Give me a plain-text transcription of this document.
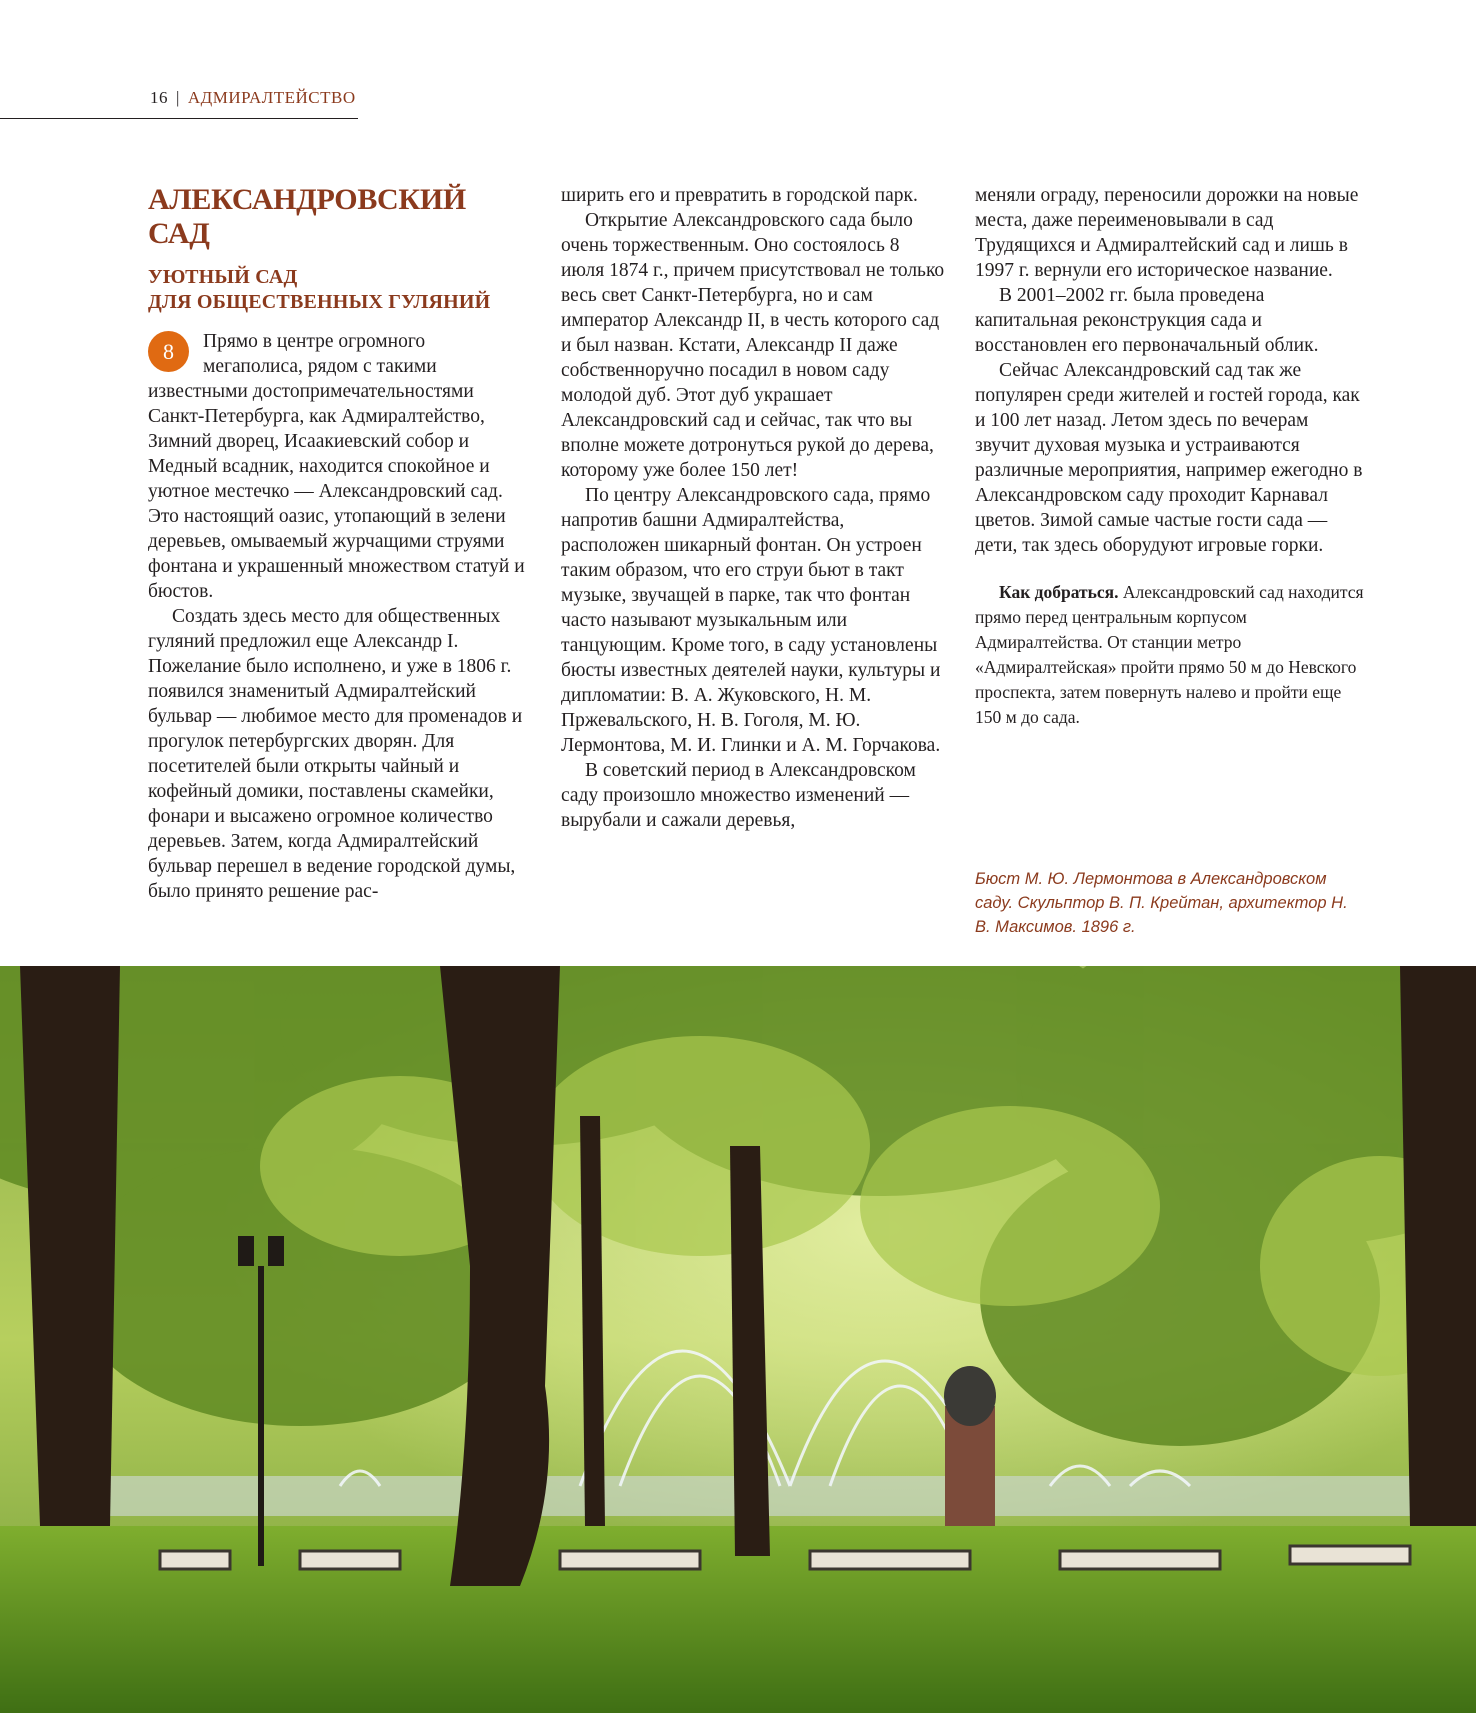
16 | АДМИРАЛТЕЙСТВО
АЛЕКСАНДРОВСКИЙ САД
УЮТНЫЙ САД
ДЛЯ ОБЩЕСТВЕННЫХ ГУЛЯНИЙ

8	Прямо в центре огромного мегаполиса, рядом с такими известными достопримечательностями Санкт-Петербурга, как Адмиралтейство, Зимний дворец, Исаакиевский собор и Медный всадник, находится спокойное и уютное местечко — Александровский сад. Это настоящий оазис, утопающий в зелени деревьев, омываемый журчащими струями фонтана и украшенный множеством статуй и бюстов.

Создать здесь место для общественных гуляний предложил еще Александр I. Пожелание было исполнено, и уже в 1806 г. появился знаменитый Адмиралтейский бульвар — любимое место для променадов и прогулок петербургских дворян. Для посетителей были открыты чайный и кофейный домики, поставлены скамейки, фонари и высажено огромное количество деревьев. Затем, когда Адмиралтейский бульвар перешел в ведение городской думы, было принято решение рас-

ширить его и превратить в городской парк.

Открытие Александровского сада было очень торжественным. Оно состоялось 8 июля 1874 г., причем присутствовал не только весь свет Санкт-Петербурга, но и сам император Александр II, в честь которого сад и был назван. Кстати, Александр II даже собственноручно посадил в новом саду молодой дуб. Этот дуб украшает Александровский сад и сейчас, так что вы вполне можете дотронуться рукой до дерева, которому уже более 150 лет!

По центру Александровского сада, прямо напротив башни Адмиралтейства, расположен шикарный фонтан. Он устроен таким образом, что его струи бьют в такт музыке, звучащей в парке, так что фонтан часто называют музыкальным или танцующим. Кроме того, в саду установлены бюсты известных деятелей науки, культуры и дипломатии: В. А. Жуковского, Н. М. Пржевальского, Н. В. Гоголя, М. Ю. Лермонтова, М. И. Глинки и А. М. Горчакова.

В советский период в Александровском саду произошло множество изменений — вырубали и сажали деревья,

меняли ограду, переносили дорожки на новые места, даже переименовывали в сад Трудящихся и Адмиралтейский сад и лишь в 1997 г. вернули его историческое название.

В 2001–2002 гг. была проведена капитальная реконструкция сада и восстановлен его первоначальный облик.

Сейчас Александровский сад так же популярен среди жителей и гостей города, как и 100 лет назад. Летом здесь по вечерам звучит духовая музыка и устраиваются различные мероприятия, например ежегодно в Александровском саду проходит Карнавал цветов. Зимой самые частые гости сада — дети, так здесь оборудуют игровые горки.

Как добраться. Александровский сад находится прямо перед центральным корпусом Адмиралтейства. От станции метро «Адмиралтейская» пройти прямо 50 м до Невского проспекта, затем повернуть налево и пройти еще 150 м до сада.

Бюст М. Ю. Лермонтова в Александровском саду. Скульптор В. П. Крейтан, архитектор Н. В. Максимов. 1896 г.
